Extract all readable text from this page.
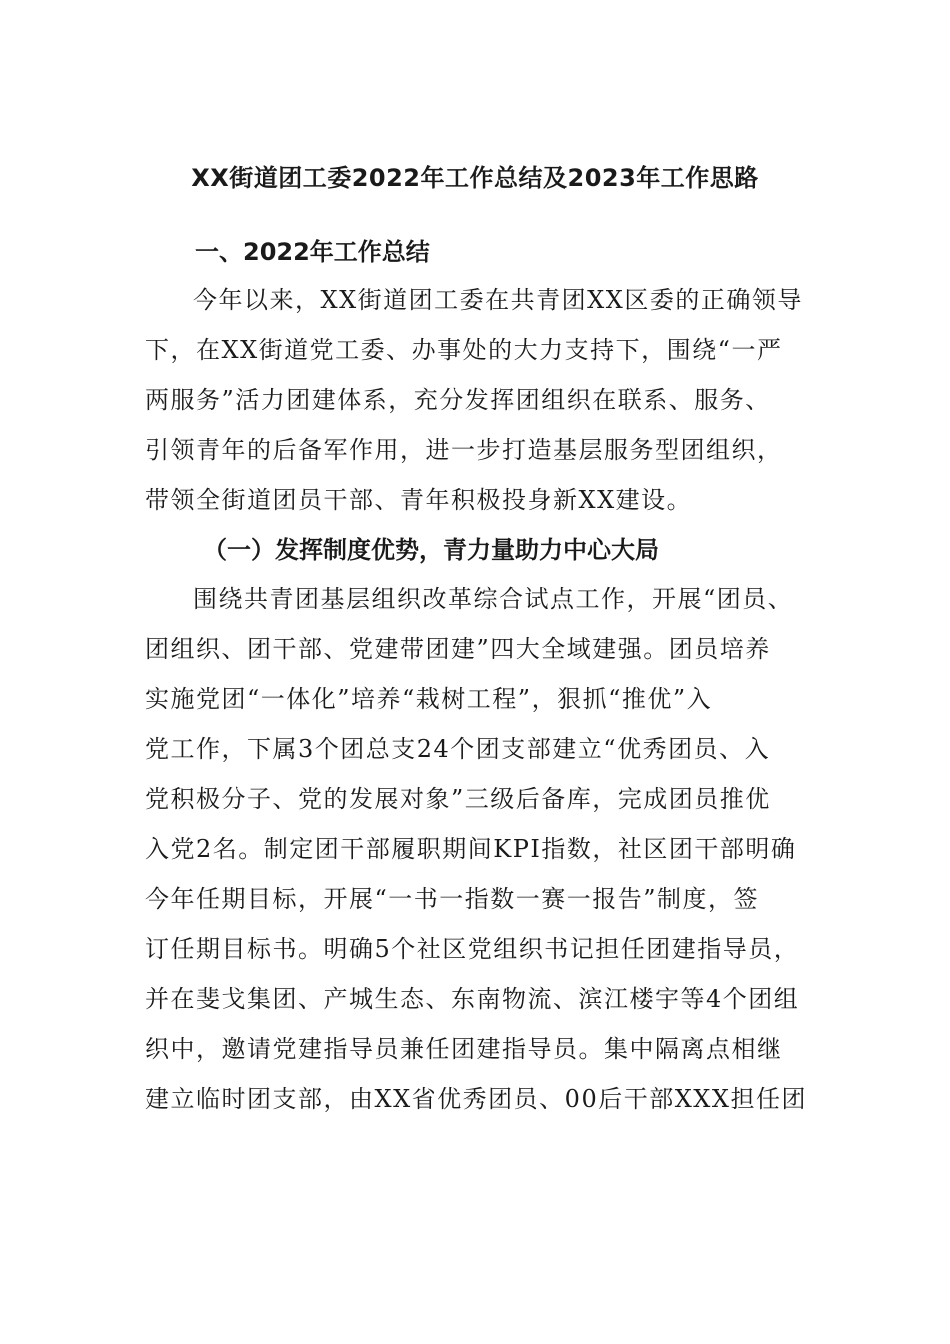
XX街道团工委2022年工作总结及2023年工作思路
一、2022年工作总结
今年以来，XX街道团工委在共青团XX区委的正确领导
下，在XX街道党工委、办事处的大力支持下，围绕“一严
两服务”活力团建体系，充分发挥团组织在联系、服务、
引领青年的后备军作用，进一步打造基层服务型团组织，
带领全街道团员干部、青年积极投身新XX建设。
（一）发挥制度优势，青力量助力中心大局
围绕共青团基层组织改革综合试点工作，开展“团员、
团组织、团干部、党建带团建”四大全域建强。团员培养
实施党团“一体化”培养“栽树工程”，狠抓“推优”入
党工作，下属3个团总支24个团支部建立“优秀团员、入
党积极分子、党的发展对象”三级后备库，完成团员推优
入党2名。制定团干部履职期间KPI指数，社区团干部明确
今年任期目标，开展“一书一指数一赛一报告”制度，签
订任期目标书。明确5个社区党组织书记担任团建指导员，
并在斐戈集团、产城生态、东南物流、滨江楼宇等4个团组
织中，邀请党建指导员兼任团建指导员。集中隔离点相继
建立临时团支部，由XX省优秀团员、00后干部XXX担任团
